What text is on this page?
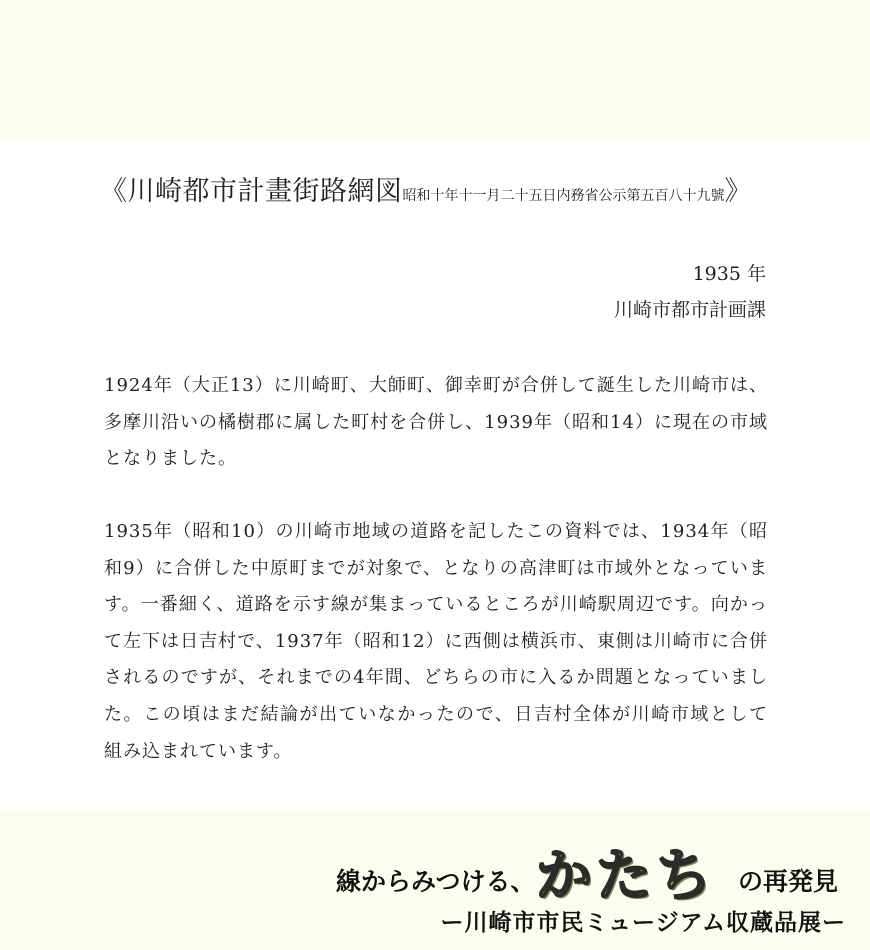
《川崎都市計畫街路網図昭和十年十一月二十五日内務省公示第五百八十九號》
1935 年
川崎市都市計画課

1924年（大正13）に川崎町、大師町、御幸町が合併して誕生した川崎市は、多摩川沿いの橘樹郡に属した町村を合併し、1939年（昭和14）に現在の市域となりました。

1935年（昭和10）の川崎市地域の道路を記したこの資料では、1934年（昭和9）に合併した中原町までが対象で、となりの高津町は市域外となっています。一番細く、道路を示す線が集まっているところが川崎駅周辺です。向かって左下は日吉村で、1937年（昭和12）に西側は横浜市、東側は川崎市に合併されるのですが、それまでの4年間、どちらの市に入るか問題となっていました。この頃はまだ結論が出ていなかったので、日吉村全体が川崎市域として組み込まれています。

線からみつける、 かたち の再発見
ー川崎市市民ミュージアム収蔵品展ー
